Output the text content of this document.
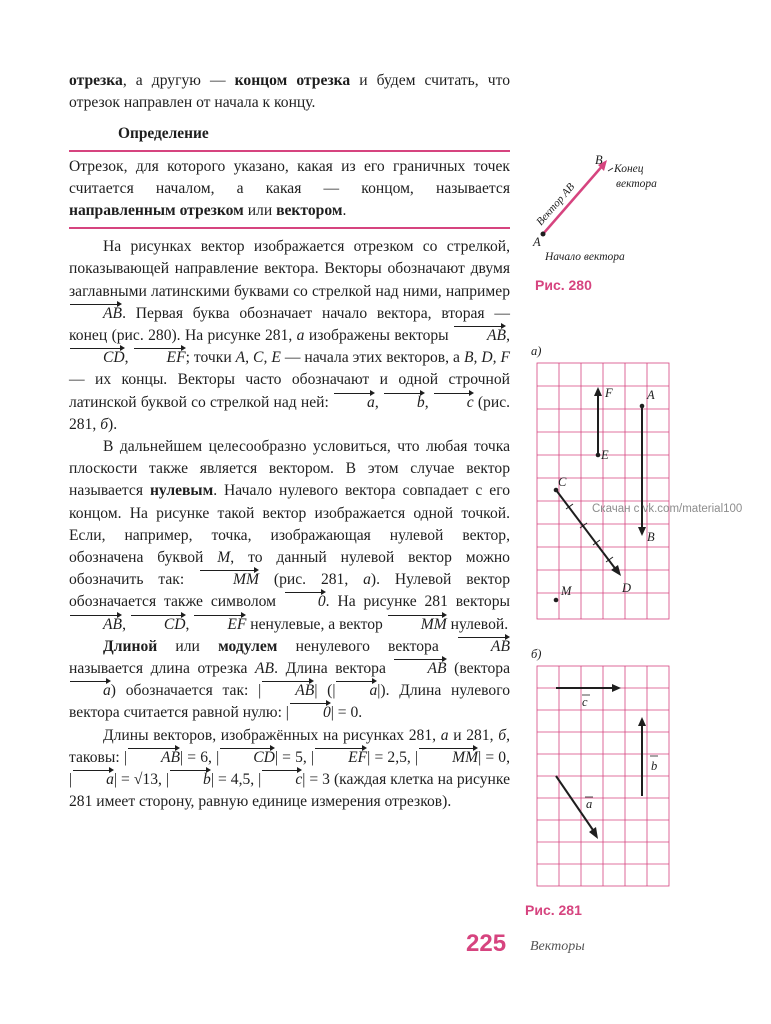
отрезка, а другую — концом отрезка и будем считать, что отрезок направлен от начала к концу.

Определение

Отрезок, для которого указано, какая из его граничных точек считается началом, а какая — концом, называется направленным отрезком или вектором.

На рисунках вектор изображается отрезком со стрелкой, показывающей направление вектора. Векторы обозначают двумя заглавными латинскими буквами со стрелкой над ними, например AB. Первая буква обозначает начало вектора, вторая — конец (рис. 280). На рисунке 281, а изображены векторы AB, CD, EF; точки A, C, E — начала этих векторов, а B, D, F — их концы. Векторы часто обозначают и одной строчной латинской буквой со стрелкой над ней: a, b, c (рис. 281, б).

В дальнейшем целесообразно условиться, что любая точка плоскости также является вектором. В этом случае вектор называется нулевым. Начало нулевого вектора совпадает с его концом. На рисунке такой вектор изображается одной точкой. Если, например, точка, изображающая нулевой вектор, обозначена буквой M, то данный нулевой вектор можно обозначить так: MM (рис. 281, а). Нулевой вектор обозначается также символом 0. На рисунке 281 векторы AB, CD, EF ненулевые, а вектор MM нулевой.

Длиной или модулем ненулевого вектора AB называется длина отрезка AB. Длина вектора AB (вектора a) обозначается так: | AB| (| a|). Длина нулевого вектора считается равной нулю: | 0| = 0.

Длины векторов, изображённых на рисунках 281, а и 281, б, таковы: | AB| = 6, | CD| = 5, | EF| = 2,5, | MM| = 0, | a| = √13, | b| = 4,5, | c| = 3 (каждая клетка на рисунке 281 имеет сторону, равную единице измерения отрезков).

A
B
Вектор AB
Конец
вектора
Начало вектора
Рис. 280
а)
F
E
A
B
C
D
M
Скачан с vk.com/material100
б)
c
b
a
Рис. 281
225 Векторы
